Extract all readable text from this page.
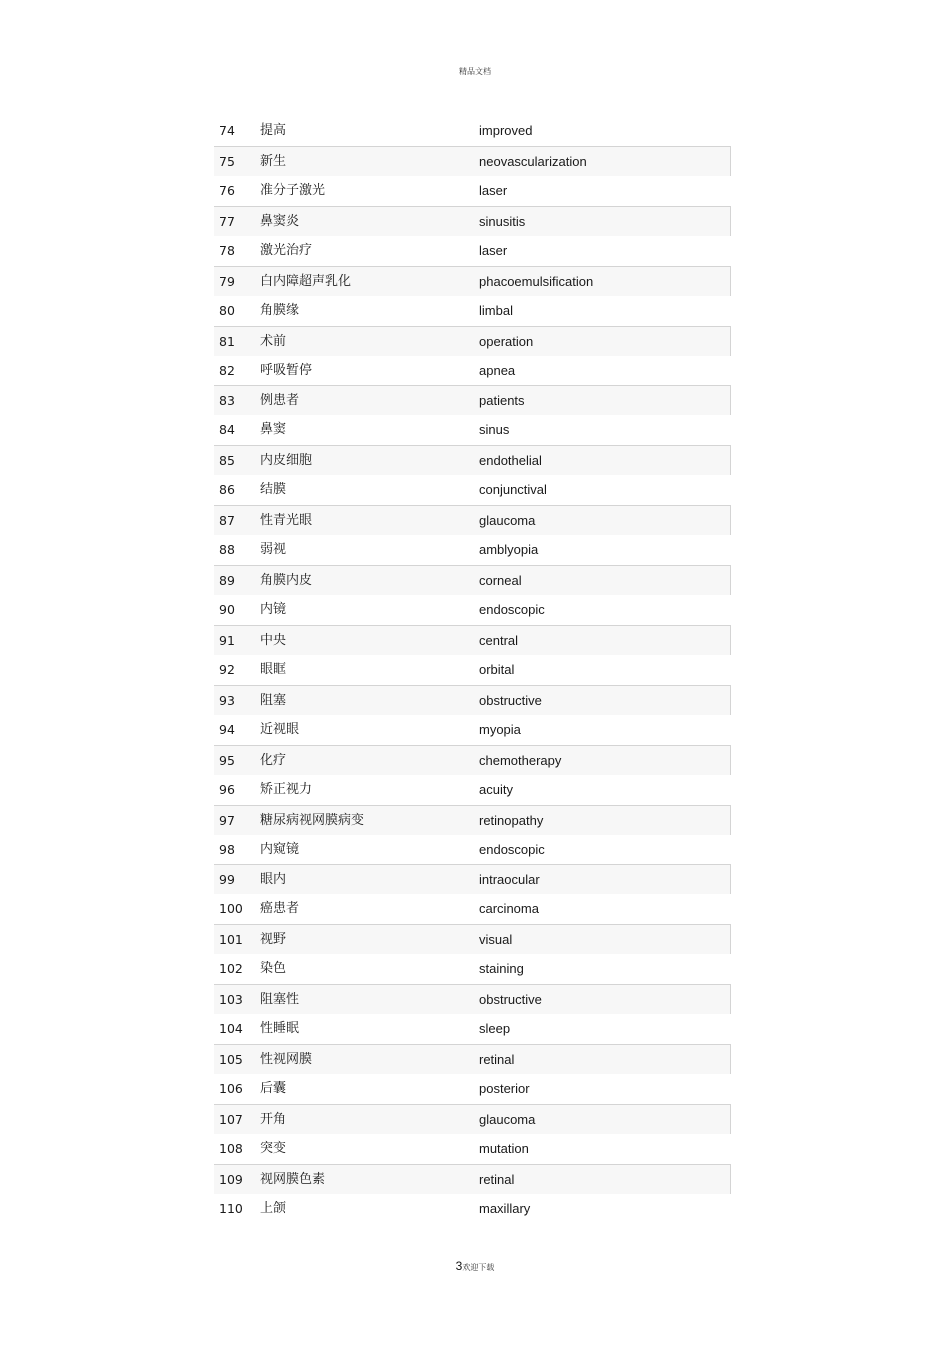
精品文档
74 提高	improved
75 新生	neovascularization
76 准分子激光	laser
77 鼻窦炎	sinusitis
78 激光治疗	laser
79 白内障超声乳化	phacoemulsification
80 角膜缘	limbal
81 术前	operation
82 呼吸暂停	apnea
83 例患者	patients
84 鼻窦	sinus
85 内皮细胞	endothelial
86 结膜	conjunctival
87 性青光眼	glaucoma
88 弱视	amblyopia
89 角膜内皮	corneal
90 内镜	endoscopic
91 中央	central
92 眼眶	orbital
93 阻塞	obstructive
94 近视眼	myopia
95 化疗	chemotherapy
96 矫正视力	acuity
97 糖尿病视网膜病变	retinopathy
98 内窥镜	endoscopic
99 眼内	intraocular
100 癌患者	carcinoma
101 视野	visual
102 染色	staining
103 阻塞性	obstructive
104 性睡眠	sleep
105 性视网膜	retinal
106 后囊	posterior
107 开角	glaucoma
108 突变	mutation
109 视网膜色素	retinal
110 上颌	maxillary
3欢迎下载
